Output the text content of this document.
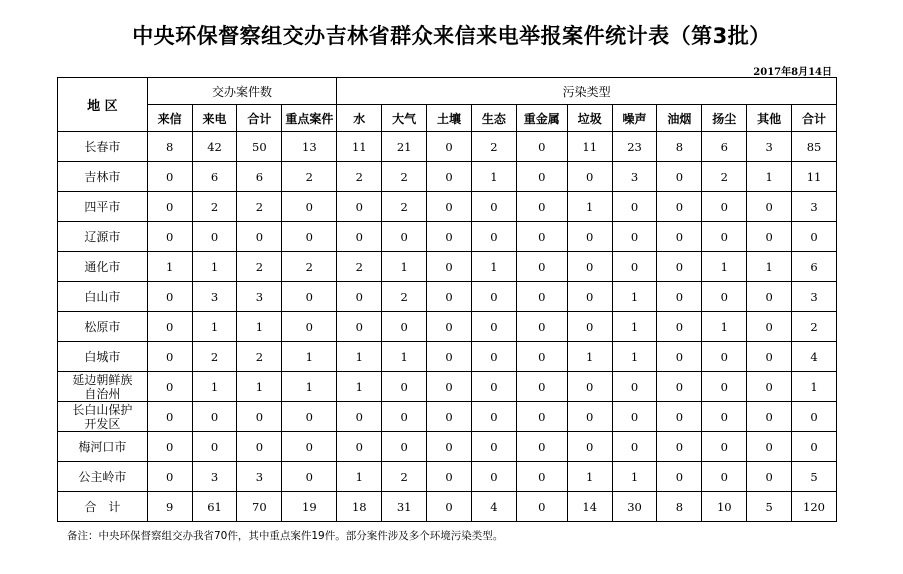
中央环保督察组交办吉林省群众来信来电举报案件统计表（第3批）
2017年8月14日
地 区	交办案件数				污染类型										
	来信	来电	合计	重点案件	水	大气	土壤	生态	重金属	垃圾	噪声	油烟	扬尘	其他	合计
长春市	8	42	50	13	11	21	0	2	0	11	23	8	6	3	85
吉林市	0	6	6	2	2	2	0	1	0	0	3	0	2	1	11
四平市	0	2	2	0	0	2	0	0	0	1	0	0	0	0	3
辽源市	0	0	0	0	0	0	0	0	0	0	0	0	0	0	0
通化市	1	1	2	2	2	1	0	1	0	0	0	0	1	1	6
白山市	0	3	3	0	0	2	0	0	0	0	1	0	0	0	3
松原市	0	1	1	0	0	0	0	0	0	0	1	0	1	0	2
白城市	0	2	2	1	1	1	0	0	0	1	1	0	0	0	4

延边朝鲜族
自治州	0	1	1	1	1	0	0	0	0	0	0	0	0	0	1

长白山保护
开发区	0	0	0	0	0	0	0	0	0	0	0	0	0	0	0
梅河口市	0	0	0	0	0	0	0	0	0	0	0	0	0	0	0
公主岭市	0	3	3	0	1	2	0	0	0	1	1	0	0	0	5
合　计	9	61	70	19	18	31	0	4	0	14	30	8	10	5	120
备注：中央环保督察组交办我省70件，其中重点案件19件。部分案件涉及多个环境污染类型。
